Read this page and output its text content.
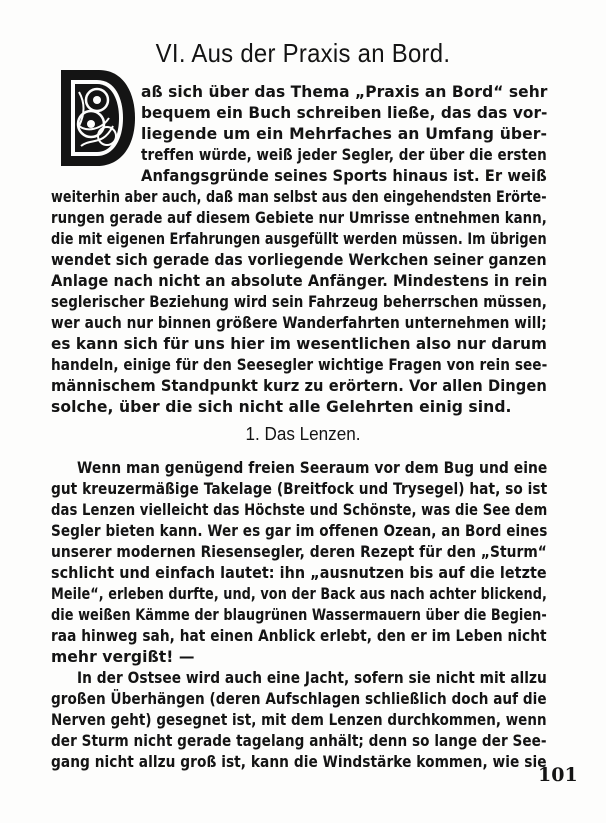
VI. Aus der Praxis an Bord.
D
aß sich über das Thema „Praxis an Bord“ sehr
bequem ein Buch schreiben ließe, das das vor-
liegende um ein Mehrfaches an Umfang über-
treffen würde, weiß jeder Segler, der über die ersten
Anfangsgründe seines Sports hinaus ist. Er weiß
weiterhin aber auch, daß man selbst aus den eingehendsten Erörte-
rungen gerade auf diesem Gebiete nur Umrisse entnehmen kann,
die mit eigenen Erfahrungen ausgefüllt werden müssen. Im übrigen
wendet sich gerade das vorliegende Werkchen seiner ganzen
Anlage nach nicht an absolute Anfänger. Mindestens in rein
seglerischer Beziehung wird sein Fahrzeug beherrschen müssen,
wer auch nur binnen größere Wanderfahrten unternehmen will;
es kann sich für uns hier im wesentlichen also nur darum
handeln, einige für den Seesegler wichtige Fragen von rein see-
männischem Standpunkt kurz zu erörtern. Vor allen Dingen
solche, über die sich nicht alle Gelehrten einig sind.
1. Das Lenzen.
Wenn man genügend freien Seeraum vor dem Bug und eine
gut kreuzermäßige Takelage (Breitfock und Trysegel) hat, so ist
das Lenzen vielleicht das Höchste und Schönste, was die See dem
Segler bieten kann. Wer es gar im offenen Ozean, an Bord eines
unserer modernen Riesensegler, deren Rezept für den „Sturm“
schlicht und einfach lautet: ihn „ausnutzen bis auf die letzte
Meile“, erleben durfte, und, von der Back aus nach achter blickend,
die weißen Kämme der blaugrünen Wassermauern über die Begien-
raa hinweg sah, hat einen Anblick erlebt, den er im Leben nicht
mehr vergißt! —
In der Ostsee wird auch eine Jacht, sofern sie nicht mit allzu
großen Überhängen (deren Aufschlagen schließlich doch auf die
Nerven geht) gesegnet ist, mit dem Lenzen durchkommen, wenn
der Sturm nicht gerade tagelang anhält; denn so lange der See-
gang nicht allzu groß ist, kann die Windstärke kommen, wie sie
101
